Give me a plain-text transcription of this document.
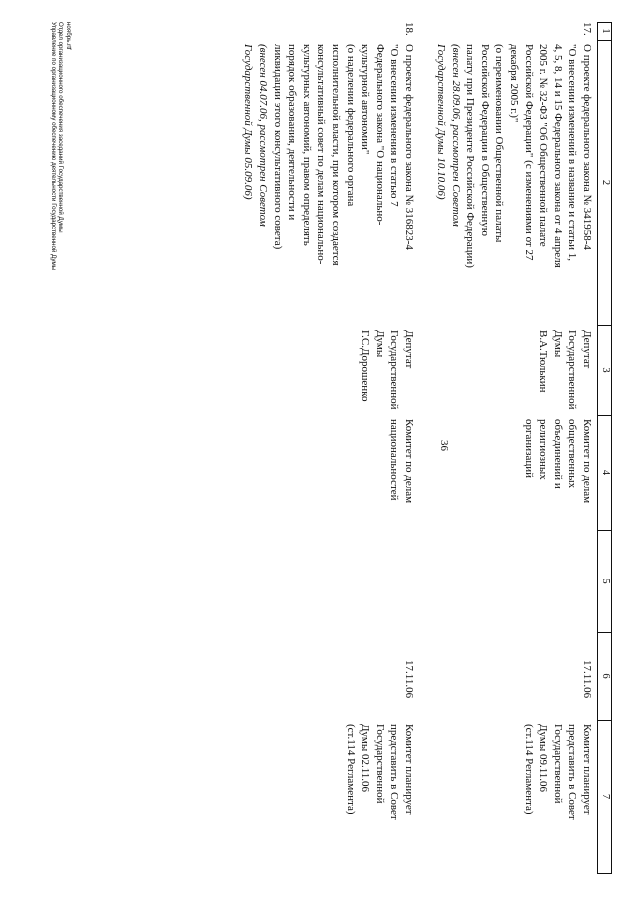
36
1
2
3
4
5
6
7
17.
О проекте федерального закона № 341958-4
"О внесении изменений в название и статьи 1,
4, 5, 8, 14 и 15 Федерального закона от 4 апреля
2005 г. № 32-ФЗ "Об Общественной палате
Российской Федерации" (с изменениями от 27
декабря 2005 г.)"
(о переименовании Общественной палаты
Российской Федерации в Общественную
палату при Президенте Российской Федерации)
(внесен 28.09.06, рассмотрен Советом
Государственной Думы 10.10.06)
Депутат
Государственной
Думы
В.А.Тюлькин
Комитет по делам
общественных
объединений и
религиозных
организаций
17.11.06
Комитет планирует
представить в Совет
Государственной
Думы 09.11.06
(ст.114 Регламента)
18.
О проекте федерального закона № 316823-4
"О внесении изменения в статью 7
Федерального закона "О национально-
культурной автономии"
(о наделении федерального органа
исполнительной власти, при котором создается
консультативный совет по делам национально-
культурных автономий, правом определять
порядок образования, деятельности и
ликвидации этого консультативного совета)
(внесен 04.07.06, рассмотрен Советом
Государственной Думы 05.09.06)
Депутат
Государственной
Думы
Г.С.Дорошенко
Комитет по делам
национальностей
17.11.06
Комитет планирует
представить в Совет
Государственной
Думы 02.11.06
(ст.114 Регламента)
ноябрь.rtf
Отдел организационного обеспечения заседаний Государственной Думы
Управление по организационному обеспечению деятельности Государственной Думы
